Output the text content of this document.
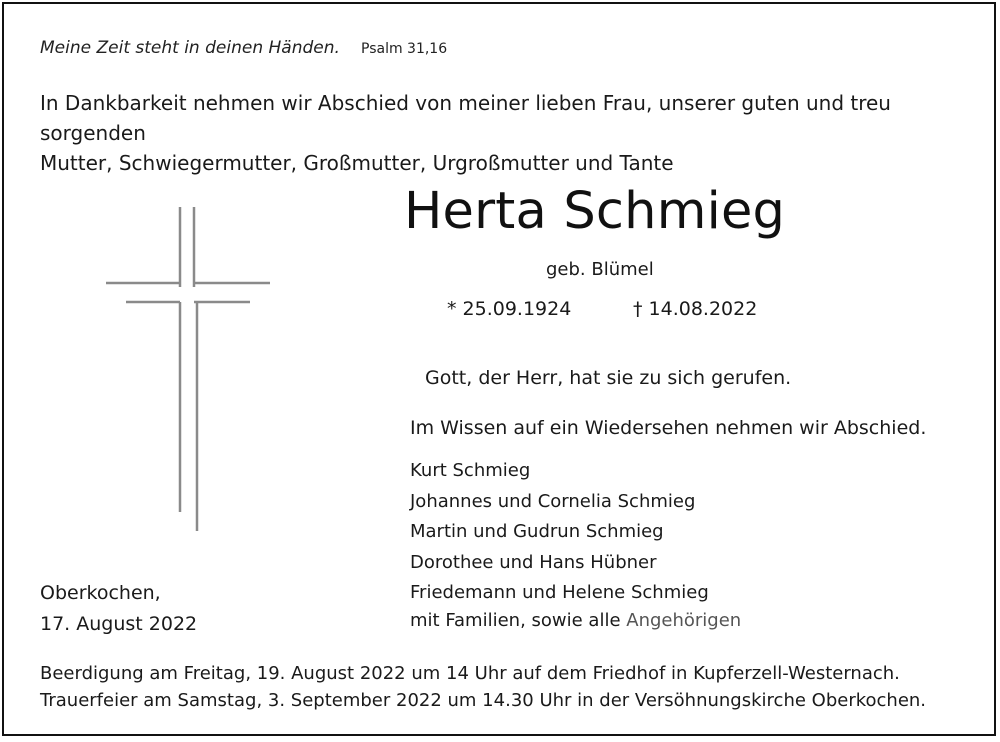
Meine Zeit steht in deinen Händen. Psalm 31,16
In Dankbarkeit nehmen wir Abschied von meiner lieben Frau, unserer guten und treu sorgenden
Mutter, Schwiegermutter, Großmutter, Urgroßmutter und Tante
Herta Schmieg
geb. Blümel
* 25.09.1924	† 14.08.2022
Gott, der Herr, hat sie zu sich gerufen.
Im Wissen auf ein Wiedersehen nehmen wir Abschied.
Kurt Schmieg
Johannes und Cornelia Schmieg
Martin und Gudrun Schmieg
Dorothee und Hans Hübner
Friedemann und Helene Schmieg
mit Familien, sowie alle Angehörigen
Oberkochen,
17. August 2022
Beerdigung am Freitag, 19. August 2022 um 14 Uhr auf dem Friedhof in Kupferzell-Westernach.
Trauerfeier am Samstag, 3. September 2022 um 14.30 Uhr in der Versöhnungskirche Oberkochen.
